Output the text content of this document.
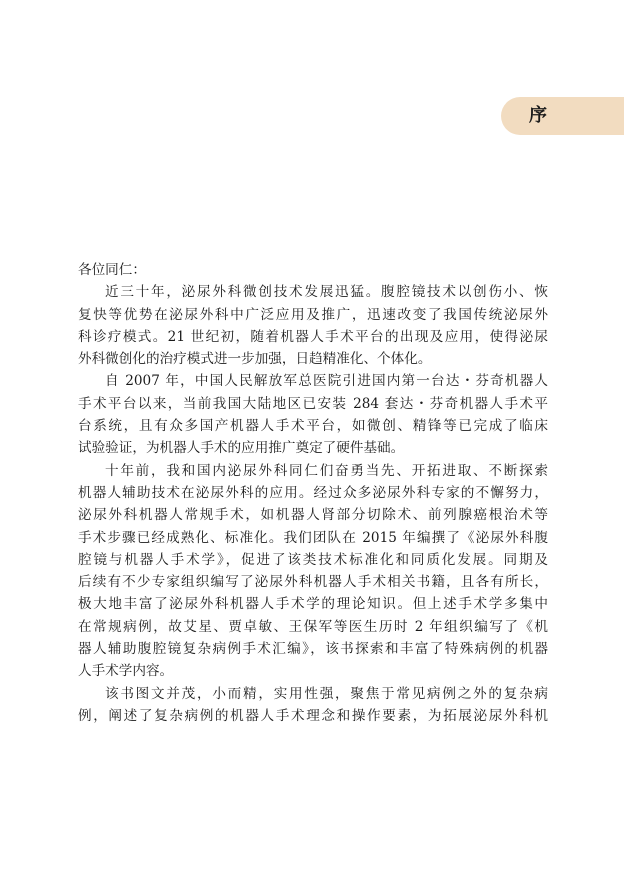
序
各位同仁：
近三十年，泌尿外科微创技术发展迅猛。腹腔镜技术以创伤小、恢
复快等优势在泌尿外科中广泛应用及推广，迅速改变了我国传统泌尿外
科诊疗模式。21 世纪初，随着机器人手术平台的出现及应用，使得泌尿
外科微创化的治疗模式进一步加强，日趋精准化、个体化。
自 2007 年，中国人民解放军总医院引进国内第一台达・芬奇机器人
手术平台以来，当前我国大陆地区已安装 284 套达・芬奇机器人手术平
台系统，且有众多国产机器人手术平台，如微创、精锋等已完成了临床
试验验证，为机器人手术的应用推广奠定了硬件基础。
十年前，我和国内泌尿外科同仁们奋勇当先、开拓进取、不断探索
机器人辅助技术在泌尿外科的应用。经过众多泌尿外科专家的不懈努力，
泌尿外科机器人常规手术，如机器人肾部分切除术、前列腺癌根治术等
手术步骤已经成熟化、标准化。我们团队在 2015 年编撰了《泌尿外科腹
腔镜与机器人手术学》，促进了该类技术标准化和同质化发展。同期及
后续有不少专家组织编写了泌尿外科机器人手术相关书籍，且各有所长，
极大地丰富了泌尿外科机器人手术学的理论知识。但上述手术学多集中
在常规病例，故艾星、贾卓敏、王保军等医生历时 2 年组织编写了《机
器人辅助腹腔镜复杂病例手术汇编》，该书探索和丰富了特殊病例的机器
人手术学内容。
该书图文并茂，小而精，实用性强，聚焦于常见病例之外的复杂病
例，阐述了复杂病例的机器人手术理念和操作要素，为拓展泌尿外科机
